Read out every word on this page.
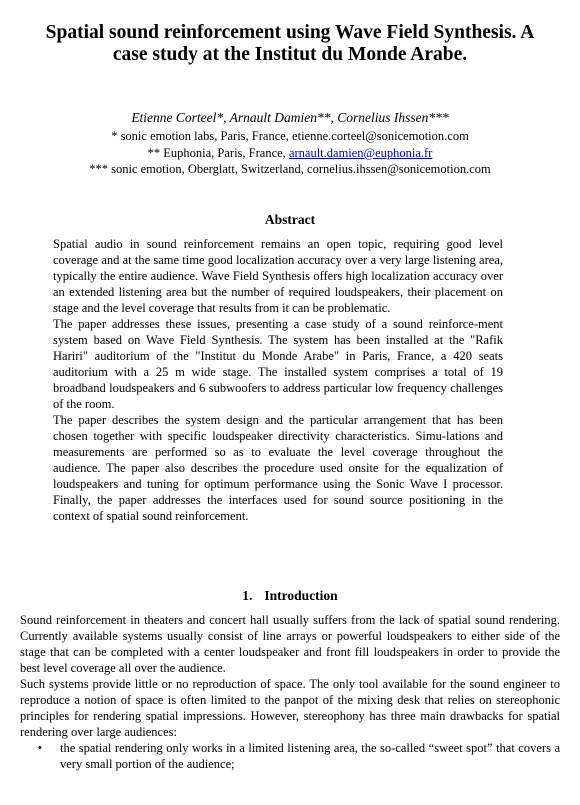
Spatial sound reinforcement using Wave Field Synthesis. A case study at the Institut du Monde Arabe.
Etienne Corteel*, Arnault Damien**, Cornelius Ihssen***
* sonic emotion labs, Paris, France, etienne.corteel@sonicemotion.com
** Euphonia, Paris, France, arnault.damien@euphonia.fr
*** sonic emotion, Oberglatt, Switzerland, cornelius.ihssen@sonicemotion.com
Abstract

Spatial audio in sound reinforcement remains an open topic, requiring good level coverage and at the same time good localization accuracy over a very large listening area, typically the entire audience. Wave Field Synthesis offers high localization accuracy over an extended listening area but the number of required loudspeakers, their placement on stage and the level coverage that results from it can be problematic.

The paper addresses these issues, presenting a case study of a sound reinforce-ment system based on Wave Field Synthesis. The system has been installed at the "Rafik Hariri" auditorium of the "Institut du Monde Arabe" in Paris, France, a 420 seats auditorium with a 25 m wide stage. The installed system comprises a total of 19 broadband loudspeakers and 6 subwoofers to address particular low frequency challenges of the room.

The paper describes the system design and the particular arrangement that has been chosen together with specific loudspeaker directivity characteristics. Simu-lations and measurements are performed so as to evaluate the level coverage throughout the audience. The paper also describes the procedure used onsite for the equalization of loudspeakers and tuning for optimum performance using the Sonic Wave I processor. Finally, the paper addresses the interfaces used for sound source positioning in the context of spatial sound reinforcement.

1. Introduction

Sound reinforcement in theaters and concert hall usually suffers from the lack of spatial sound rendering. Currently available systems usually consist of line arrays or powerful loudspeakers to either side of the stage that can be completed with a center loudspeaker and front fill loudspeakers in order to provide the best level coverage all over the audience.

Such systems provide little or no reproduction of space. The only tool available for the sound engineer to reproduce a notion of space is often limited to the panpot of the mixing desk that relies on stereophonic principles for rendering spatial impressions. However, stereophony has three main drawbacks for spatial rendering over large audiences:

•	the spatial rendering only works in a limited listening area, the so-called “sweet spot” that covers a very small portion of the audience;
